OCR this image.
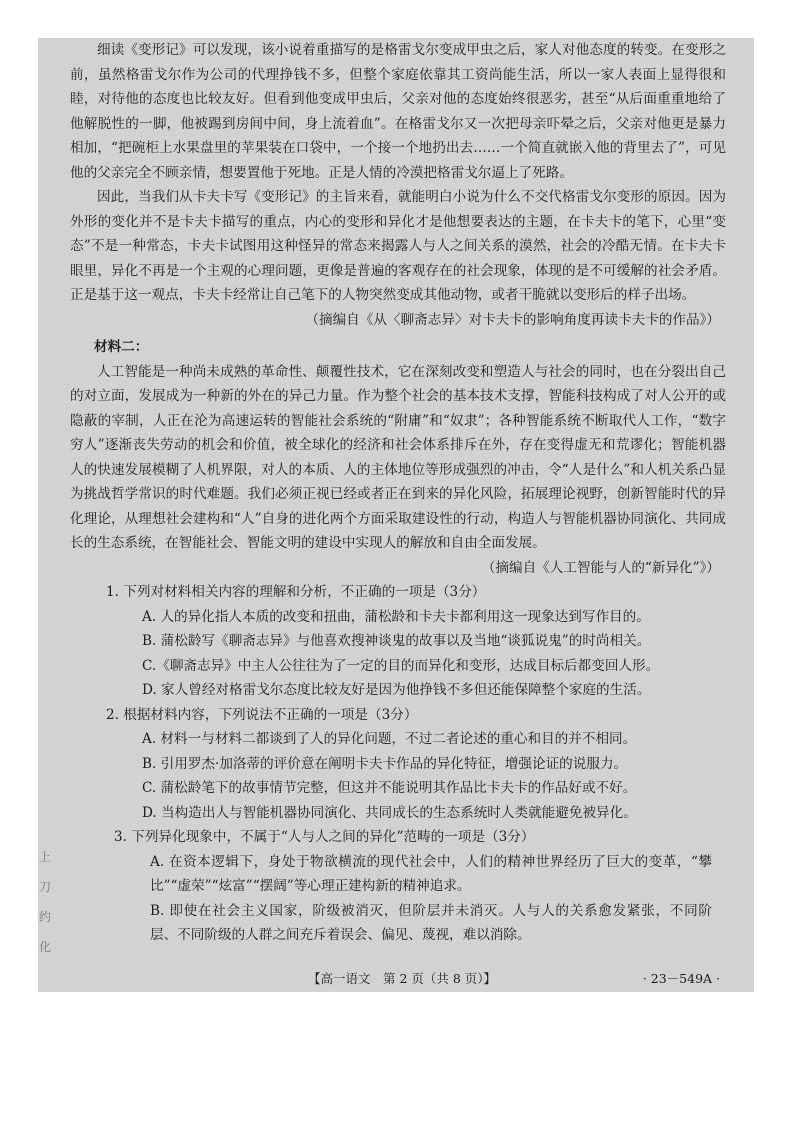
上
刀
约
化

细读《变形记》可以发现，该小说着重描写的是格雷戈尔变成甲虫之后，家人对他态度的转变。在变形之前，虽然格雷戈尔作为公司的代理挣钱不多，但整个家庭依靠其工资尚能生活，所以一家人表面上显得很和睦，对待他的态度也比较友好。但看到他变成甲虫后，父亲对他的态度始终很恶劣，甚至“从后面重重地给了他解脱性的一脚，他被踢到房间中间，身上流着血”。在格雷戈尔又一次把母亲吓晕之后，父亲对他更是暴力相加，“把碗柜上水果盘里的苹果装在口袋中，一个接一个地扔出去……一个简直就嵌入他的背里去了”，可见他的父亲完全不顾亲情，想要置他于死地。正是人情的冷漠把格雷戈尔逼上了死路。

因此，当我们从卡夫卡写《变形记》的主旨来看，就能明白小说为什么不交代格雷戈尔变形的原因。因为外形的变化并不是卡夫卡描写的重点，内心的变形和异化才是他想要表达的主题，在卡夫卡的笔下，心里“变态”不是一种常态，卡夫卡试图用这种怪异的常态来揭露人与人之间关系的漠然，社会的冷酷无情。在卡夫卡眼里，异化不再是一个主观的心理问题，更像是普遍的客观存在的社会现象，体现的是不可缓解的社会矛盾。正是基于这一观点，卡夫卡经常让自己笔下的人物突然变成其他动物，或者干脆就以变形后的样子出场。

（摘编自《从〈聊斋志异〉对卡夫卡的影响角度再读卡夫卡的作品》）

材料二：

人工智能是一种尚未成熟的革命性、颠覆性技术，它在深刻改变和塑造人与社会的同时，也在分裂出自己的对立面，发展成为一种新的外在的异己力量。作为整个社会的基本技术支撑，智能科技构成了对人公开的或隐蔽的宰制，人正在沦为高速运转的智能社会系统的“附庸”和“奴隶”；各种智能系统不断取代人工作，“数字穷人”逐渐丧失劳动的机会和价值，被全球化的经济和社会体系排斥在外，存在变得虚无和荒谬化；智能机器人的快速发展模糊了人机界限，对人的本质、人的主体地位等形成强烈的冲击，令“人是什么”和人机关系凸显为挑战哲学常识的时代难题。我们必须正视已经或者正在到来的异化风险，拓展理论视野，创新智能时代的异化理论，从理想社会建构和“人”自身的进化两个方面采取建设性的行动，构造人与智能机器协同演化、共同成长的生态系统，在智能社会、智能文明的建设中实现人的解放和自由全面发展。

（摘编自《人工智能与人的“新异化”》）

1. 下列对材料相关内容的理解和分析，不正确的一项是（3分）

A. 人的异化指人本质的改变和扭曲，蒲松龄和卡夫卡都利用这一现象达到写作目的。

B. 蒲松龄写《聊斋志异》与他喜欢搜神谈鬼的故事以及当地“谈狐说鬼”的时尚相关。

C.《聊斋志异》中主人公往往为了一定的目的而异化和变形，达成目标后都变回人形。

D. 家人曾经对格雷戈尔态度比较友好是因为他挣钱不多但还能保障整个家庭的生活。

2. 根据材料内容，下列说法不正确的一项是（3分）

A. 材料一与材料二都谈到了人的异化问题，不过二者论述的重心和目的并不相同。

B. 引用罗杰·加洛蒂的评价意在阐明卡夫卡作品的异化特征，增强论证的说服力。

C. 蒲松龄笔下的故事情节完整，但这并不能说明其作品比卡夫卡的作品好或不好。

D. 当构造出人与智能机器协同演化、共同成长的生态系统时人类就能避免被异化。

3. 下列异化现象中，不属于“人与人之间的异化”范畴的一项是（3分）

A. 在资本逻辑下，身处于物欲横流的现代社会中，人们的精神世界经历了巨大的变革，“攀比”“虚荣”“炫富”“摆阔”等心理正建构新的精神追求。

B. 即使在社会主义国家，阶级被消灭，但阶层并未消灭。人与人的关系愈发紧张，不同阶层、不同阶级的人群之间充斥着误会、偏见、蔑视，难以消除。

【高一语文　第 2 页（共 8 页）】	· 23－549A ·
